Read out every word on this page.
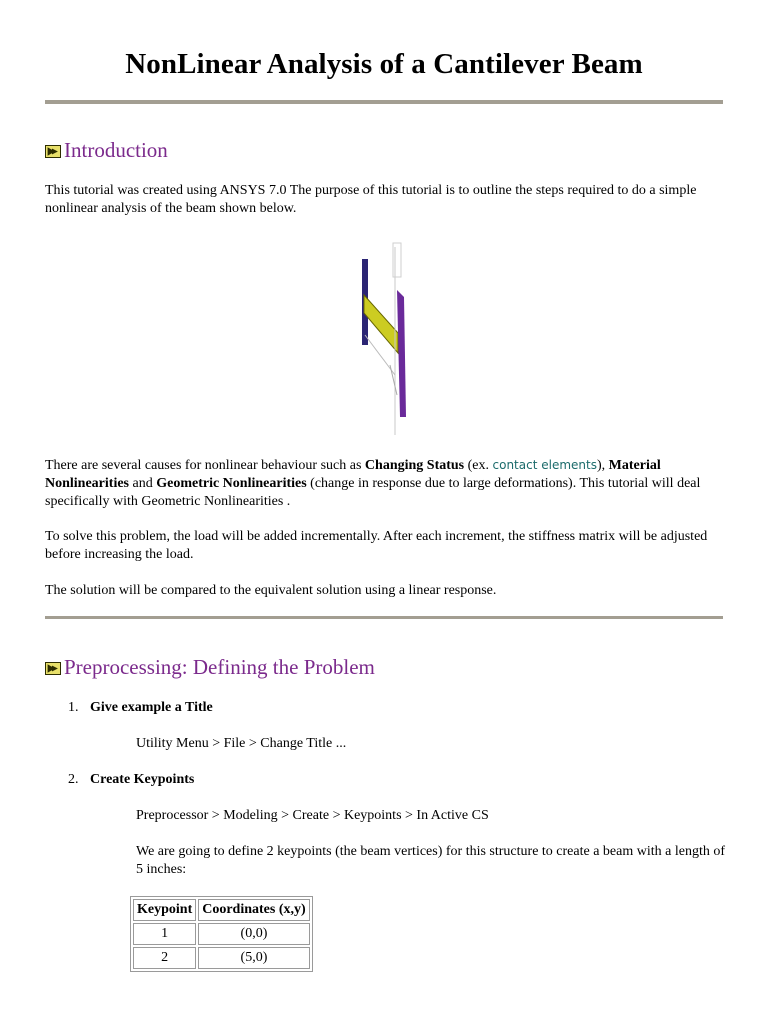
NonLinear Analysis of a Cantilever Beam
Introduction

This tutorial was created using ANSYS 7.0 The purpose of this tutorial is to outline the steps required to do a simple nonlinear analysis of the beam shown below.

There are several causes for nonlinear behaviour such as Changing Status (ex. contact elements), Material Nonlinearities and Geometric Nonlinearities (change in response due to large deformations). This tutorial will deal specifically with Geometric Nonlinearities .

To solve this problem, the load will be added incrementally. After each increment, the stiffness matrix will be adjusted before increasing the load.

The solution will be compared to the equivalent solution using a linear response.

Preprocessing: Defining the Problem
1. Give example a Title

Utility Menu > File > Change Title ...

2. Create Keypoints

Preprocessor > Modeling > Create > Keypoints > In Active CS

We are going to define 2 keypoints (the beam vertices) for this structure to create a beam with a length of 5 inches:

Keypoint	Coordinates (x,y)
1	(0,0)
2	(5,0)
